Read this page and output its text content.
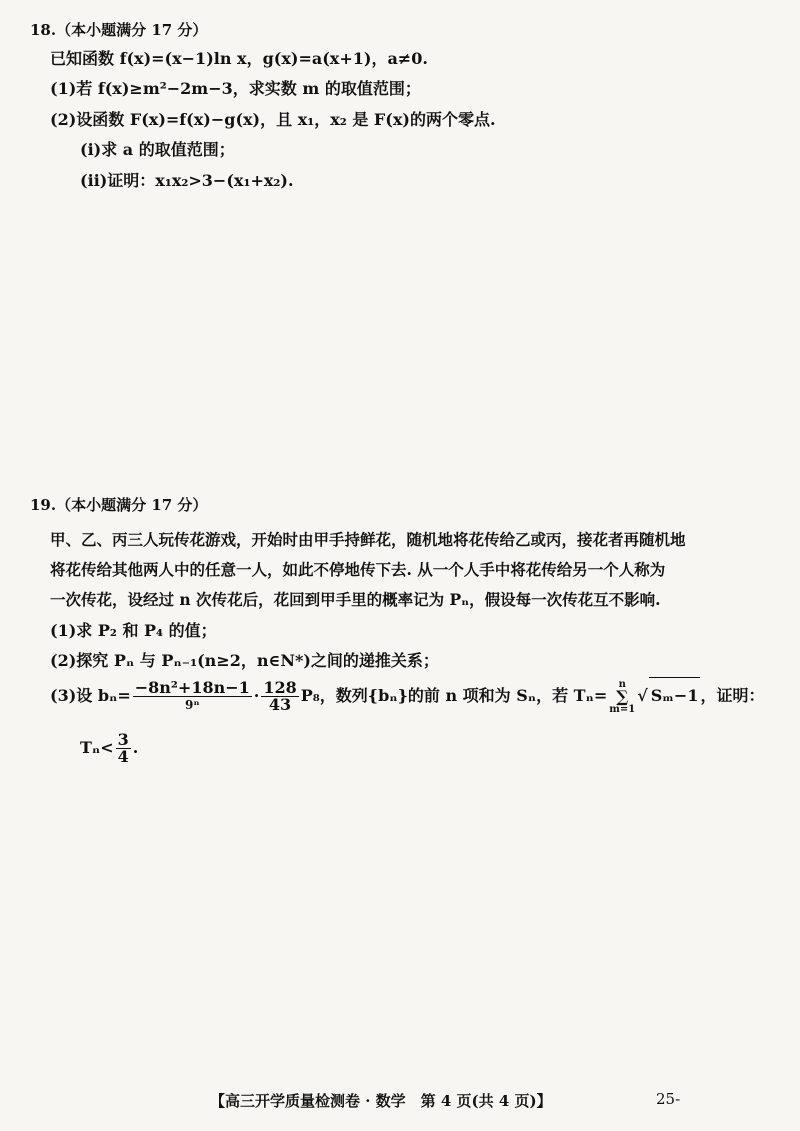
18.（本小题满分 17 分）
已知函数 f(x)=(x−1)ln x，g(x)=a(x+1)，a≠0.
(1)若 f(x)≥m²−2m−3，求实数 m 的取值范围；
(2)设函数 F(x)=f(x)−g(x)，且 x₁，x₂ 是 F(x)的两个零点.
(ⅰ)求 a 的取值范围；
(ⅱ)证明：x₁x₂>3−(x₁+x₂).
19.（本小题满分 17 分）
甲、乙、丙三人玩传花游戏，开始时由甲手持鲜花，随机地将花传给乙或丙，接花者再随机地
将花传给其他两人中的任意一人，如此不停地传下去. 从一个人手中将花传给另一个人称为
一次传花，设经过 n 次传花后，花回到甲手里的概率记为 Pₙ，假设每一次传花互不影响.
(1)求 P₂ 和 P₄ 的值；
(2)探究 Pₙ 与 Pₙ₋₁(n≥2，n∈N*)之间的递推关系；
(3)设 $b_n= \frac{\text{−8n²+18n−1}}{\text{9ⁿ}} \cdot \frac{128}{43} P_8$，数列{bₙ}的前 n 项和为 Sₙ，若 Tₙ=
n
∑
m=1
√ Sₘ−1 ，证明：
$T_n< \frac{3}{4}$ .
【高三开学质量检测卷 · 数学　第 4 页(共 4 页)】	25-
